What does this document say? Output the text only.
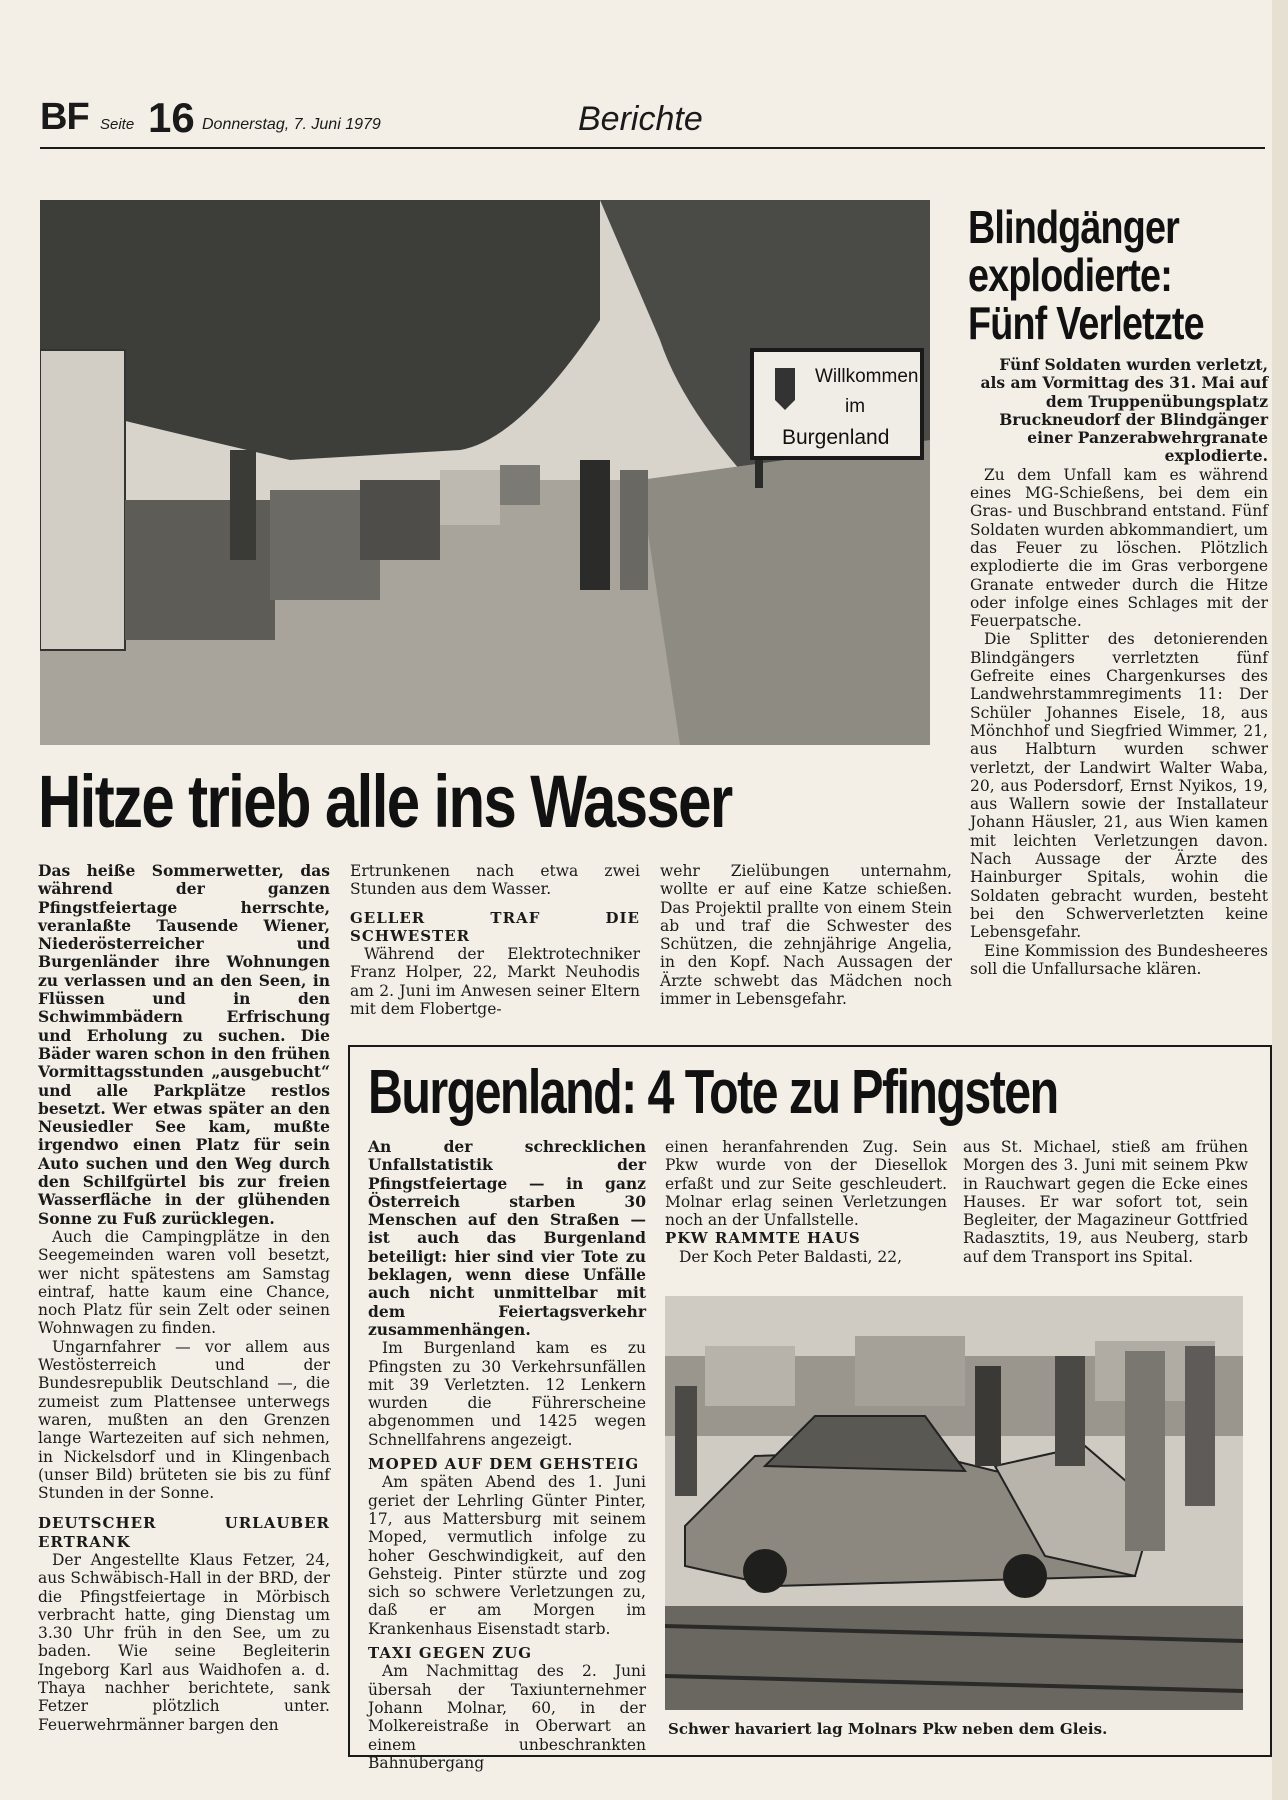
BF Seite 16 Donnerstag, 7. Juni 1979	Berichte
Willkommen
im
Burgenland
Blindgänger
explodierte:
Fünf Verletzte

Fünf Soldaten wurden verletzt, als am Vormittag des 31. Mai auf dem Truppenübungsplatz Bruckneudorf der Blindgänger einer Panzerabwehrgranate explodierte.

Zu dem Unfall kam es während eines MG-Schießens, bei dem ein Gras- und Buschbrand entstand. Fünf Soldaten wurden abkommandiert, um das Feuer zu löschen. Plötzlich explodierte die im Gras verborgene Granate entweder durch die Hitze oder infolge eines Schlages mit der Feuerpatsche.

Die Splitter des detonierenden Blindgängers verrletzten fünf Gefreite eines Chargenkurses des Landwehrstammregiments 11: Der Schüler Johannes Eisele, 18, aus Mönchhof und Siegfried Wimmer, 21, aus Halbturn wurden schwer verletzt, der Landwirt Walter Waba, 20, aus Podersdorf, Ernst Nyikos, 19, aus Wallern sowie der Installateur Johann Häusler, 21, aus Wien kamen mit leichten Verletzungen davon. Nach Aussage der Ärzte des Hainburger Spitals, wohin die Soldaten gebracht wurden, besteht bei den Schwerverletzten keine Lebensgefahr.

Eine Kommission des Bundesheeres soll die Unfallursache klären.

Hitze trieb alle ins Wasser

Das heiße Sommerwetter, das während der ganzen Pfingstfeiertage herrschte, veranlaßte Tausende Wiener, Niederösterreicher und Burgenländer ihre Wohnungen zu verlassen und an den Seen, in Flüssen und in den Schwimmbädern Erfrischung und Erholung zu suchen. Die Bäder waren schon in den frühen Vormittagsstunden „ausgebucht“ und alle Parkplätze restlos besetzt. Wer etwas später an den Neusiedler See kam, mußte irgendwo einen Platz für sein Auto suchen und den Weg durch den Schilfgürtel bis zur freien Wasserfläche in der glühenden Sonne zu Fuß zurücklegen.

Auch die Campingplätze in den Seegemeinden waren voll besetzt, wer nicht spätestens am Samstag eintraf, hatte kaum eine Chance, noch Platz für sein Zelt oder seinen Wohnwagen zu finden.

Ungarnfahrer — vor allem aus Westösterreich und der Bundesrepublik Deutschland —, die zumeist zum Plattensee unterwegs waren, mußten an den Grenzen lange Wartezeiten auf sich nehmen, in Nickelsdorf und in Klingenbach (unser Bild) brüteten sie bis zu fünf Stunden in der Sonne.

DEUTSCHER URLAUBER ERTRANK

Der Angestellte Klaus Fetzer, 24, aus Schwäbisch-Hall in der BRD, der die Pfingstfeiertage in Mörbisch verbracht hatte, ging Dienstag um 3.30 Uhr früh in den See, um zu baden. Wie seine Begleiterin Ingeborg Karl aus Waidhofen a. d. Thaya nachher berichtete, sank Fetzer plötzlich unter. Feuerwehrmänner bargen den

Ertrunkenen nach etwa zwei Stunden aus dem Wasser.

GELLER TRAF DIE SCHWESTER

Während der Elektrotechniker Franz Holper, 22, Markt Neuhodis am 2. Juni im Anwesen seiner Eltern mit dem Flobertge-

wehr Zielübungen unternahm, wollte er auf eine Katze schießen. Das Projektil prallte von einem Stein ab und traf die Schwester des Schützen, die zehnjährige Angelia, in den Kopf. Nach Aussagen der Ärzte schwebt das Mädchen noch immer in Lebensgefahr.

Burgenland: 4 Tote zu Pfingsten

An der schrecklichen Unfallstatistik der Pfingstfeiertage — in ganz Österreich starben 30 Menschen auf den Straßen — ist auch das Burgenland beteiligt: hier sind vier Tote zu beklagen, wenn diese Unfälle auch nicht unmittelbar mit dem Feiertagsverkehr zusammenhängen.

Im Burgenland kam es zu Pfingsten zu 30 Verkehrsunfällen mit 39 Verletzten. 12 Lenkern wurden die Führerscheine abgenommen und 1425 wegen Schnellfahrens angezeigt.

MOPED AUF DEM GEHSTEIG

Am späten Abend des 1. Juni geriet der Lehrling Günter Pinter, 17, aus Mattersburg mit seinem Moped, vermutlich infolge zu hoher Geschwindigkeit, auf den Gehsteig. Pinter stürzte und zog sich so schwere Verletzungen zu, daß er am Morgen im Krankenhaus Eisenstadt starb.

TAXI GEGEN ZUG

Am Nachmittag des 2. Juni übersah der Taxiunternehmer Johann Molnar, 60, in der Molkereistraße in Oberwart an einem unbeschrankten Bahnübergang

einen heranfahrenden Zug. Sein Pkw wurde von der Diesellok erfaßt und zur Seite geschleudert. Molnar erlag seinen Verletzungen noch an der Unfallstelle.

PKW RAMMTE HAUS

Der Koch Peter Baldasti, 22,

aus St. Michael, stieß am frühen Morgen des 3. Juni mit seinem Pkw in Rauchwart gegen die Ecke eines Hauses. Er war sofort tot, sein Begleiter, der Magazineur Gottfried Radasztits, 19, aus Neuberg, starb auf dem Transport ins Spital.

Schwer havariert lag Molnars Pkw neben dem Gleis.
